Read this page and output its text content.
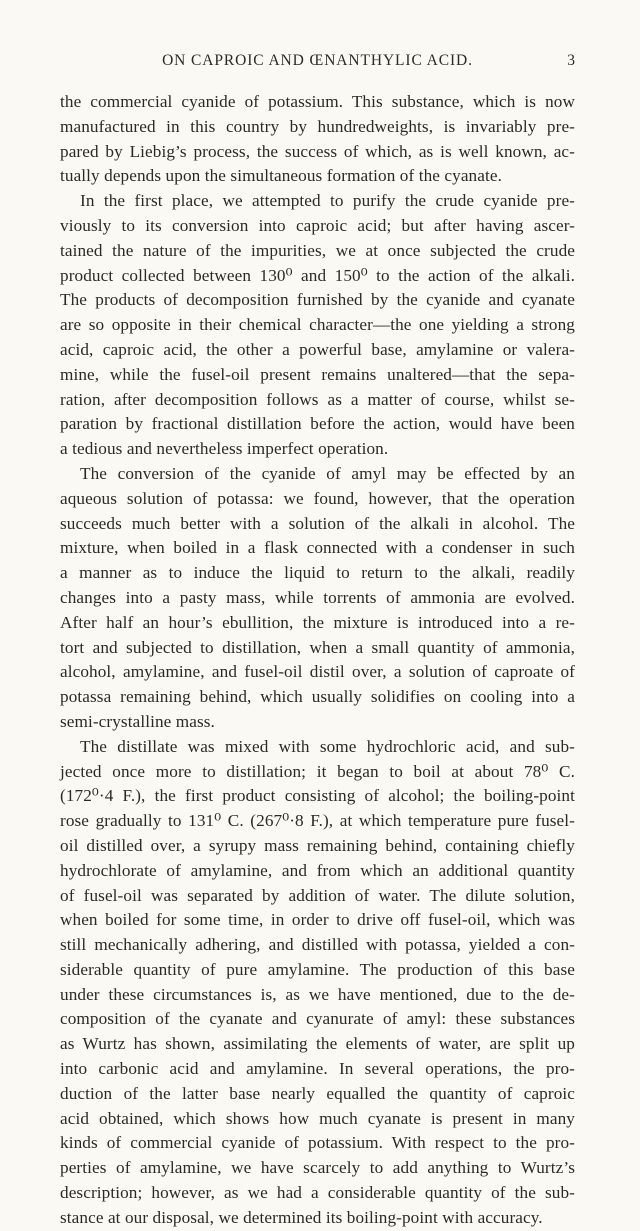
ON CAPROIC AND ŒNANTHYLIC ACID.	3
the commercial cyanide of potassium. This substance, which is now
manufactured in this country by hundredweights, is invariably pre-
pared by Liebig’s process, the success of which, as is well known, ac-
tually depends upon the simultaneous formation of the cyanate.
In the first place, we attempted to purify the crude cyanide pre-
viously to its conversion into caproic acid; but after having ascer-
tained the nature of the impurities, we at once subjected the crude
product collected between 130⁰ and 150⁰ to the action of the alkali.
The products of decomposition furnished by the cyanide and cyanate
are so opposite in their chemical character—the one yielding a strong
acid, caproic acid, the other a powerful base, amylamine or valera-
mine, while the fusel-oil present remains unaltered—that the sepa-
ration, after decomposition follows as a matter of course, whilst se-
paration by fractional distillation before the action, would have been
a tedious and nevertheless imperfect operation.
The conversion of the cyanide of amyl may be effected by an
aqueous solution of potassa: we found, however, that the operation
succeeds much better with a solution of the alkali in alcohol. The
mixture, when boiled in a flask connected with a condenser in such
a manner as to induce the liquid to return to the alkali, readily
changes into a pasty mass, while torrents of ammonia are evolved.
After half an hour’s ebullition, the mixture is introduced into a re-
tort and subjected to distillation, when a small quantity of ammonia,
alcohol, amylamine, and fusel-oil distil over, a solution of caproate of
potassa remaining behind, which usually solidifies on cooling into a
semi-crystalline mass.
The distillate was mixed with some hydrochloric acid, and sub-
jected once more to distillation; it began to boil at about 78⁰ C.
(172⁰·4 F.), the first product consisting of alcohol; the boiling-point
rose gradually to 131⁰ C. (267⁰·8 F.), at which temperature pure fusel-
oil distilled over, a syrupy mass remaining behind, containing chiefly
hydrochlorate of amylamine, and from which an additional quantity
of fusel-oil was separated by addition of water. The dilute solution,
when boiled for some time, in order to drive off fusel-oil, which was
still mechanically adhering, and distilled with potassa, yielded a con-
siderable quantity of pure amylamine. The production of this base
under these circumstances is, as we have mentioned, due to the de-
composition of the cyanate and cyanurate of amyl: these substances
as Wurtz has shown, assimilating the elements of water, are split up
into carbonic acid and amylamine. In several operations, the pro-
duction of the latter base nearly equalled the quantity of caproic
acid obtained, which shows how much cyanate is present in many
kinds of commercial cyanide of potassium. With respect to the pro-
perties of amylamine, we have scarcely to add anything to Wurtz’s
description; however, as we had a considerable quantity of the sub-
stance at our disposal, we determined its boiling-point with accuracy.
